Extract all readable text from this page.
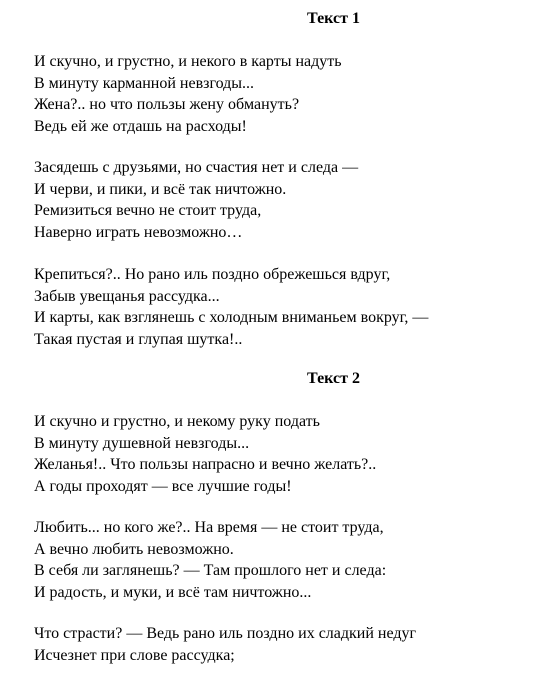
Текст 1

И скучно, и грустно, и некого в карты надуть

В минуту карманной невзгоды...

Жена?.. но что пользы жену обмануть?

Ведь ей же отдашь на расходы!

Засядешь с друзьями, но счастия нет и следа —

И черви, и пики, и всё так ничтожно.

Ремизиться вечно не стоит труда,

Наверно играть невозможно…

Крепиться?.. Но рано иль поздно обрежешься вдруг,

Забыв увещанья рассудка...

И карты, как взглянешь с холодным вниманьем вокруг, —

Такая пустая и глупая шутка!..

Текст 2

И скучно и грустно, и некому руку подать

В минуту душевной невзгоды...

Желанья!.. Что пользы напрасно и вечно желать?..

А годы проходят — все лучшие годы!

Любить... но кого же?.. На время — не стоит труда,

А вечно любить невозможно.

В себя ли заглянешь? — Там прошлого нет и следа:

И радость, и муки, и всё там ничтожно...

Что страсти? — Ведь рано иль поздно их сладкий недуг

Исчезнет при слове рассудка;
